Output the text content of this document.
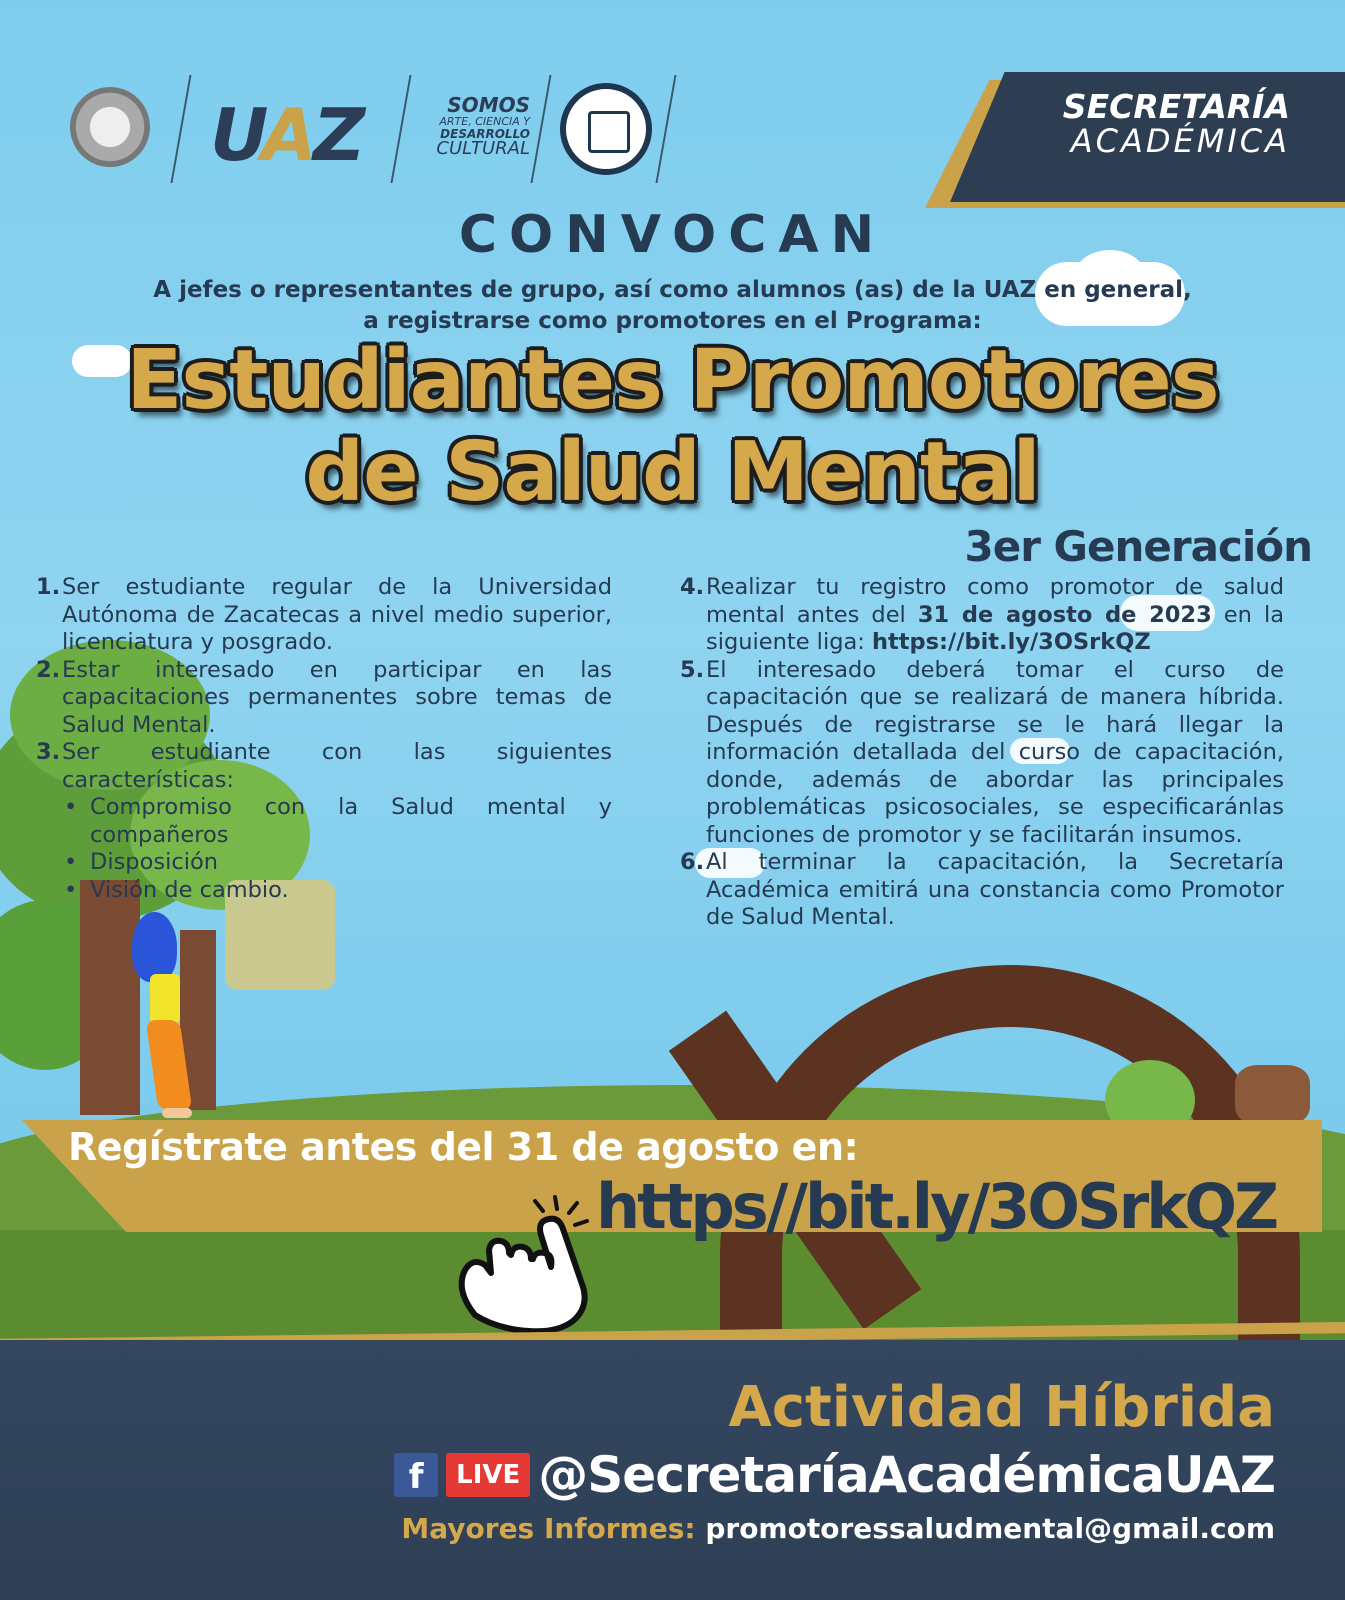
UAZ	SOMOS
ARTE, CIENCIA Y
DESARROLLO
CULTURAL
SECRETARÍA
ACADÉMICA
CONVOCAN
A jefes o representantes de grupo, así como alumnos (as) de la UAZ en general,
a registrarse como promotores en el Programa:
Estudiantes Promotores
de Salud Mental
3er Generación
1. Ser estudiante regular de la Universidad Autónoma de Zacatecas a nivel medio superior, licenciatura y posgrado.
2. Estar interesado en participar en las capacitaciones permanentes sobre temas de Salud Mental.
3. Ser estudiante con las siguientes características:
• Compromiso con la Salud mental y compañeros
• Disposición
• Visión de cambio.
4. Realizar tu registro como promotor de salud mental antes del 31 de agosto de 2023 en la siguiente liga: https://bit.ly/3OSrkQZ
5. El interesado deberá tomar el curso de capacitación que se realizará de manera híbrida. Después de registrarse se le hará llegar la información detallada del curso de capacitación, donde, además de abordar las principales problemáticas psicosociales, se especificaránlas funciones de promotor y se facilitarán insumos.
6. Al terminar la capacitación, la Secretaría Académica emitirá una constancia como Promotor de Salud Mental.
Regístrate antes del 31 de agosto en:
https//bit.ly/3OSrkQZ
Actividad Híbrida
f	LIVE @SecretaríaAcadémicaUAZ
Mayores Informes: promotoressaludmental@gmail.com
